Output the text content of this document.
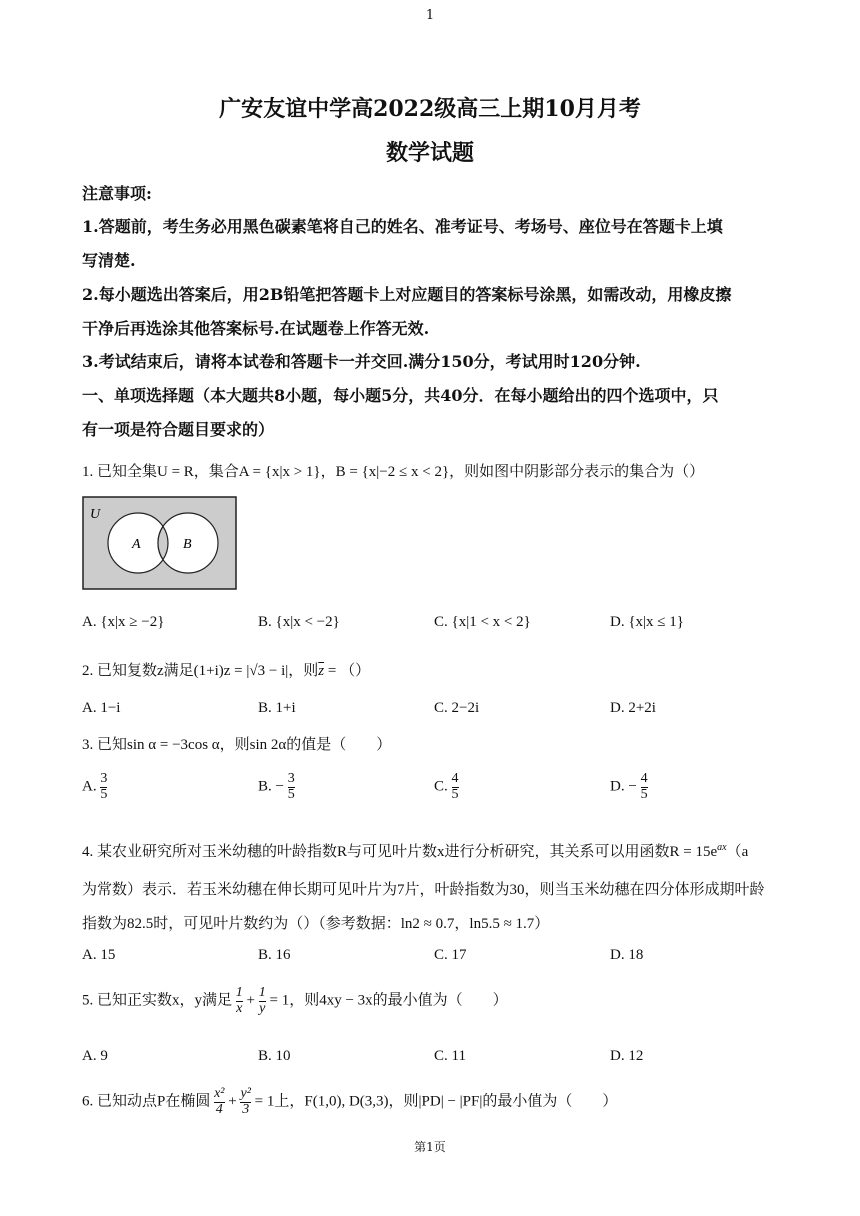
1
广安友谊中学高2022级高三上期10月月考
数学试题
注意事项:
1.答题前，考生务必用黑色碳素笔将自己的姓名、准考证号、考场号、座位号在答题卡上填
写清楚.
2.每小题选出答案后，用2B铅笔把答题卡上对应题目的答案标号涂黑，如需改动，用橡皮擦
干净后再选涂其他答案标号.在试题卷上作答无效.
3.考试结束后，请将本试卷和答题卡一并交回.满分150分，考试用时120分钟.
一、单项选择题（本大题共8小题，每小题5分，共40分．在每小题给出的四个选项中，只
有一项是符合题目要求的）
1. 已知全集U = R，集合A = {x|x > 1}，B = {x|−2 ≤ x < 2}，则如图中阴影部分表示的集合为（）
U
A	B
A. {x|x ≥ −2}	B. {x|x < −2}	C. {x|1 < x < 2}	D. {x|x ≤ 1}
2. 已知复数z满足(1+i)z = |√3 − i|，则$\overline{z}$ = （）
A. 1−i	B. 1+i	C. 2−2i	D. 2+2i
3. 已知sin α = −3cos α，则sin 2α的值是（　　）
A. $\frac{3}{5}$	B. − $\frac{3}{5}$	C. $\frac{4}{5}$	D. − $\frac{4}{5}$
4. 某农业研究所对玉米幼穗的叶龄指数R与可见叶片数x进行分析研究，其关系可以用函数$R = 15e^{ax}(a$
为常数）表示．若玉米幼穗在伸长期可见叶片为7片，叶龄指数为30，则当玉米幼穗在四分体形成期叶龄
指数为82.5时，可见叶片数约为（）（参考数据：ln2 ≈ 0.7，ln5.5 ≈ 1.7）
A. 15	B. 16	C. 17	D. 18
5. 已知正实数x，y满足 $\frac{1}{x} + \frac{1}{y} = 1$，则4xy − 3x的最小值为（　　）
A. 9	B. 10	C. 11	D. 12
6. 已知动点P在椭圆 $\frac{\text{x²}}{4} + \frac{\text{y²}}{3} = 1$上，F(1,0), D(3,3)，则|PD| − |PF|的最小值为（　　）
第1页
